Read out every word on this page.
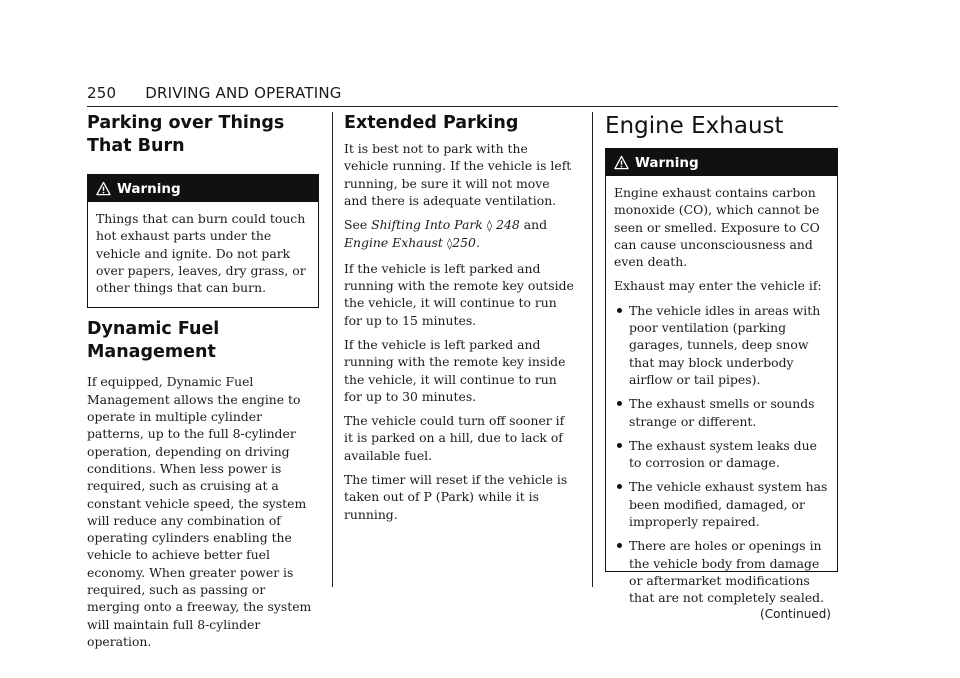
250 DRIVING AND OPERATING
Parking over Things
That Burn
Warning

Things that can burn could touch hot exhaust parts under the vehicle and ignite. Do not park over papers, leaves, dry grass, or other things that can burn.

Dynamic Fuel Management

If equipped, Dynamic Fuel Management allows the engine to operate in multiple cylinder patterns, up to the full 8-cylinder operation, depending on driving conditions. When less power is required, such as cruising at a constant vehicle speed, the system will reduce any combination of operating cylinders enabling the vehicle to achieve better fuel economy. When greater power is required, such as passing or merging onto a freeway, the system will maintain full 8-cylinder operation.

Extended Parking

It is best not to park with the vehicle running. If the vehicle is left running, be sure it will not move and there is adequate ventilation.

See Shifting Into Park ◊ 248 and
Engine Exhaust ◊250.

If the vehicle is left parked and running with the remote key outside the vehicle, it will continue to run for up to 15 minutes.

If the vehicle is left parked and running with the remote key inside the vehicle, it will continue to run for up to 30 minutes.

The vehicle could turn off sooner if it is parked on a hill, due to lack of available fuel.

The timer will reset if the vehicle is taken out of P (Park) while it is running.

Engine Exhaust
Warning

Engine exhaust contains carbon monoxide (CO), which cannot be seen or smelled. Exposure to CO can cause unconsciousness and even death.

Exhaust may enter the vehicle if:

The vehicle idles in areas with poor ventilation (parking garages, tunnels, deep snow that may block underbody airflow or tail pipes).
The exhaust smells or sounds strange or different.
The exhaust system leaks due to corrosion or damage.
The vehicle exhaust system has been modified, damaged, or improperly repaired.
There are holes or openings in the vehicle body from damage or aftermarket modifications that are not completely sealed.
(Continued)
